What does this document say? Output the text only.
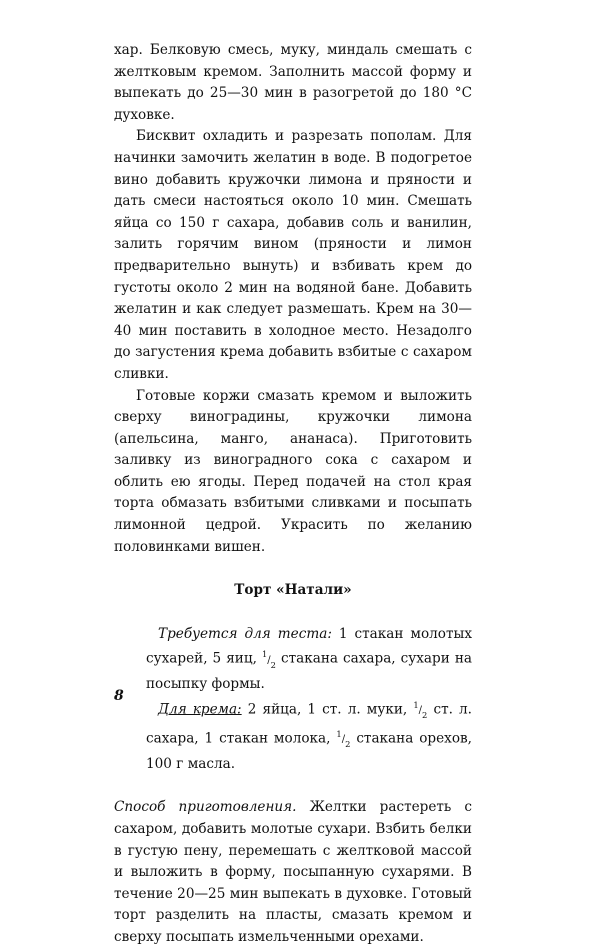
хар. Белковую смесь, муку, миндаль смешать с желтковым кремом. Заполнить массой форму и выпекать до 25—30 мин в разогретой до 180 °С духовке.

Бисквит охладить и разрезать пополам. Для начинки замочить желатин в воде. В подогретое вино добавить кружочки лимона и пряности и дать смеси настояться около 10 мин. Смешать яйца со 150 г сахара, добавив соль и ванилин, залить горячим вином (пряности и лимон предварительно вынуть) и взбивать крем до густоты около 2 мин на водяной бане. Добавить желатин и как следует размешать. Крем на 30—40 мин поставить в холодное место. Незадолго до загустения крема добавить взбитые с сахаром сливки.

Готовые коржи смазать кремом и выложить сверху виноградины, кружочки лимона (апельсина, манго, ананаса). Приготовить заливку из виноградного сока с сахаром и облить ею ягоды. Перед подачей на стол края торта обмазать взбитыми сливками и посыпать лимонной цедрой. Украсить по желанию половинками вишен.

Торт «Натали»

Требуется для теста: 1 стакан молотых сухарей, 5 яиц, $^1/_2$ стакана сахара, сухари на посыпку формы.

Для крема: 2 яйца, 1 ст. л. муки, $^1/_2$ ст. л. сахара, 1 стакан молока, $^1/_2$ стакана орехов, 100 г масла.

Способ приготовления. Желтки растереть с сахаром, добавить молотые сухари. Взбить белки в густую пену, перемешать с желтковой массой и выложить в форму, посыпанную сухарями. В течение 20—25 мин выпекать в духовке. Готовый торт разделить на пласты, смазать кремом и сверху посыпать измельченными орехами.

8
